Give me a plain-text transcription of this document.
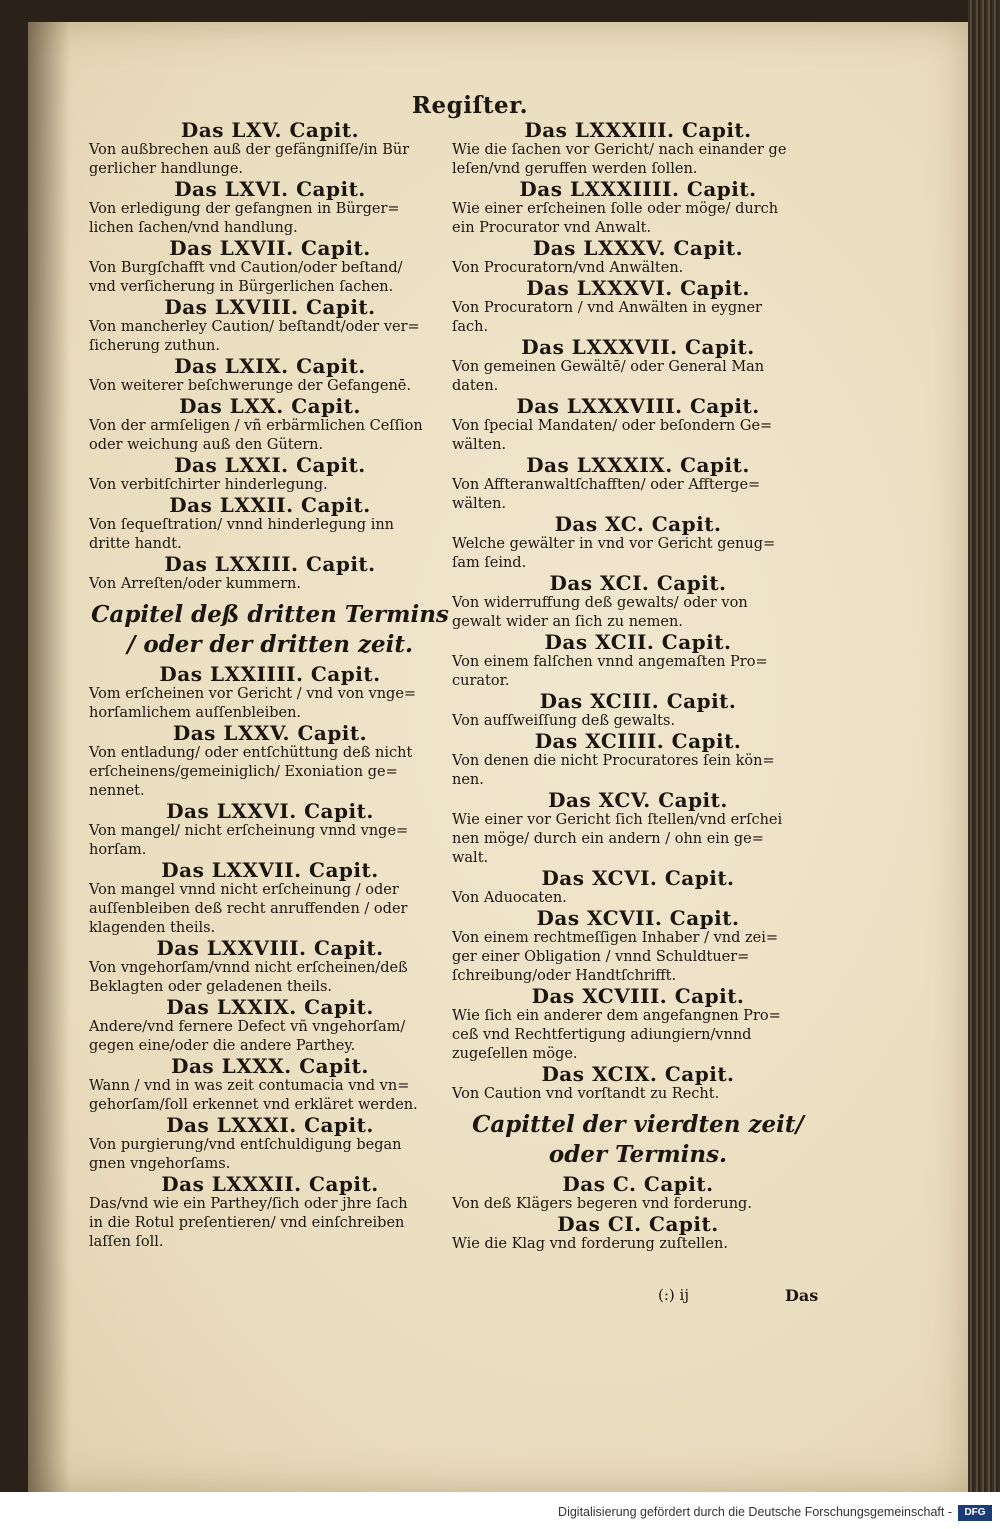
Regiſter.

Das LXV. Capit.

Von außbrechen auß der gefängniſſe/in Bür

gerlicher handlunge.

Das LXVI. Capit.

Von erledigung der gefangnen in Bürger=

lichen ſachen/vnd handlung.

Das LXVII. Capit.

Von Burgſchafft vnd Caution/oder beſtand/

vnd verſicherung in Bürgerlichen ſachen.

Das LXVIII. Capit.

Von mancherley Caution/ beſtandt/oder ver=

ſicherung zuthun.

Das LXIX. Capit.

Von weiterer beſchwerunge der Gefangenē.

Das LXX. Capit.

Von der armſeligen / vñ erbärmlichen Ceſſion

oder weichung auß den Gütern.

Das LXXI. Capit.

Von verbitſchirter hinderlegung.

Das LXXII. Capit.

Von ſequeſtration/ vnnd hinderlegung inn

dritte handt.

Das LXXIII. Capit.

Von Arreſten/oder kummern.

Capitel deß dritten Termins / oder der dritten zeit.

Das LXXIIII. Capit.

Vom erſcheinen vor Gericht / vnd von vnge=

horſamlichem auſſenbleiben.

Das LXXV. Capit.

Von entladung/ oder entſchüttung deß nicht

erſcheinens/gemeiniglich/ Exoniation ge=

nennet.

Das LXXVI. Capit.

Von mangel/ nicht erſcheinung vnnd vnge=

horſam.

Das LXXVII. Capit.

Von mangel vnnd nicht erſcheinung / oder

auſſenbleiben deß recht anruffenden / oder

klagenden theils.

Das LXXVIII. Capit.

Von vngehorſam/vnnd nicht erſcheinen/deß

Beklagten oder geladenen theils.

Das LXXIX. Capit.

Andere/vnd fernere Defect vñ vngehorſam/

gegen eine/oder die andere Parthey.

Das LXXX. Capit.

Wann / vnd in was zeit contumacia vnd vn=

gehorſam/ſoll erkennet vnd erkläret werden.

Das LXXXI. Capit.

Von purgierung/vnd entſchuldigung began

gnen vngehorſams.

Das LXXXII. Capit.

Das/vnd wie ein Parthey/ſich oder jhre ſach

in die Rotul preſentieren/ vnd einſchreiben

laſſen ſoll.

Das LXXXIII. Capit.

Wie die ſachen vor Gericht/ nach einander ge

leſen/vnd geruffen werden ſollen.

Das LXXXIIII. Capit.

Wie einer erſcheinen ſolle oder möge/ durch

ein Procurator vnd Anwalt.

Das LXXXV. Capit.

Von Procuratorn/vnd Anwälten.

Das LXXXVI. Capit.

Von Procuratorn / vnd Anwälten in eygner

ſach.

Das LXXXVII. Capit.

Von gemeinen Gewältē/ oder General Man

daten.

Das LXXXVIII. Capit.

Von ſpecial Mandaten/ oder beſondern Ge=

wälten.

Das LXXXIX. Capit.

Von Affteranwaltſchafften/ oder Afftergе=

wälten.

Das XC. Capit.

Welche gewälter in vnd vor Gericht genug=

ſam ſeind.

Das XCI. Capit.

Von widerruffung deß gewalts/ oder von

gewalt wider an ſich zu nemen.

Das XCII. Capit.

Von einem falſchen vnnd angemaſten Pro=

curator.

Das XCIII. Capit.

Von aufſweiſſung deß gewalts.

Das XCIIII. Capit.

Von denen die nicht Procuratores ſein kön=

nen.

Das XCV. Capit.

Wie einer vor Gericht ſich ſtellen/vnd erſchei

nen möge/ durch ein andern / ohn ein ge=

walt.

Das XCVI. Capit.

Von Aduocaten.

Das XCVII. Capit.

Von einem rechtmeſſigen Inhaber / vnd zei=

ger einer Obligation / vnnd Schuldtuer=

ſchreibung/oder Handtſchrifft.

Das XCVIII. Capit.

Wie ſich ein anderer dem angefangnen Pro=

ceß vnd Rechtfertigung adiungiern/vnnd

zugeſellen möge.

Das XCIX. Capit.

Von Caution vnd vorſtandt zu Recht.

Capittel der vierdten zeit/ oder Termins.

Das C. Capit.

Von deß Klägers begeren vnd forderung.

Das CI. Capit.

Wie die Klag vnd forderung zuſtellen.

(:) ij	Das
Digitalisierung gefördert durch die Deutsche Forschungsgemeinschaft -	DFG
